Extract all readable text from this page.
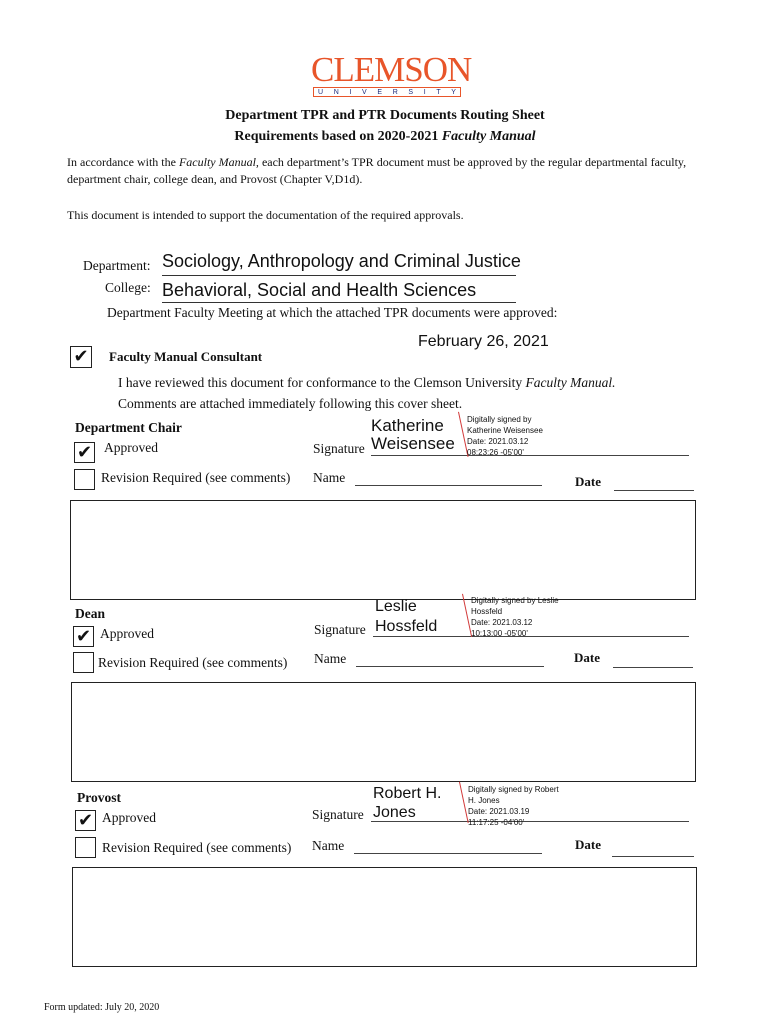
CLEMSON
U N I V E R S I T Y
Department TPR and PTR Documents Routing Sheet
Requirements based on 2020-2021 Faculty Manual
In accordance with the Faculty Manual, each department’s TPR document must be approved by the regular departmental faculty,
department chair, college dean, and Provost (Chapter V,D1d).
This document is intended to support the documentation of the required approvals.
Department: Sociology, Anthropology and Criminal Justice
College: Behavioral, Social and Health Sciences
Department Faculty Meeting at which the attached TPR documents were approved:
February 26, 2021
✔ Faculty Manual Consultant
I have reviewed this document for conformance to the Clemson University Faculty Manual.
Comments are attached immediately following this cover sheet.
Department Chair
✔ Approved
Revision Required (see comments)
Signature
Katherine
Weisensee
Digitally signed by
Katherine Weisensee
Date: 2021.03.12
08:23:26 -05'00'
Name	Date
Dean
✔ Approved
Revision Required (see comments)
Signature
Leslie
Hossfeld
Digitally signed by Leslie
Hossfeld
Date: 2021.03.12
10:13:00 -05'00'
Name	Date
Provost
✔ Approved
Revision Required (see comments)
Signature
Robert H.
Jones
Digitally signed by Robert
H. Jones
Date: 2021.03.19
11:17:25 -04'00'
Name	Date
Form updated: July 20, 2020
